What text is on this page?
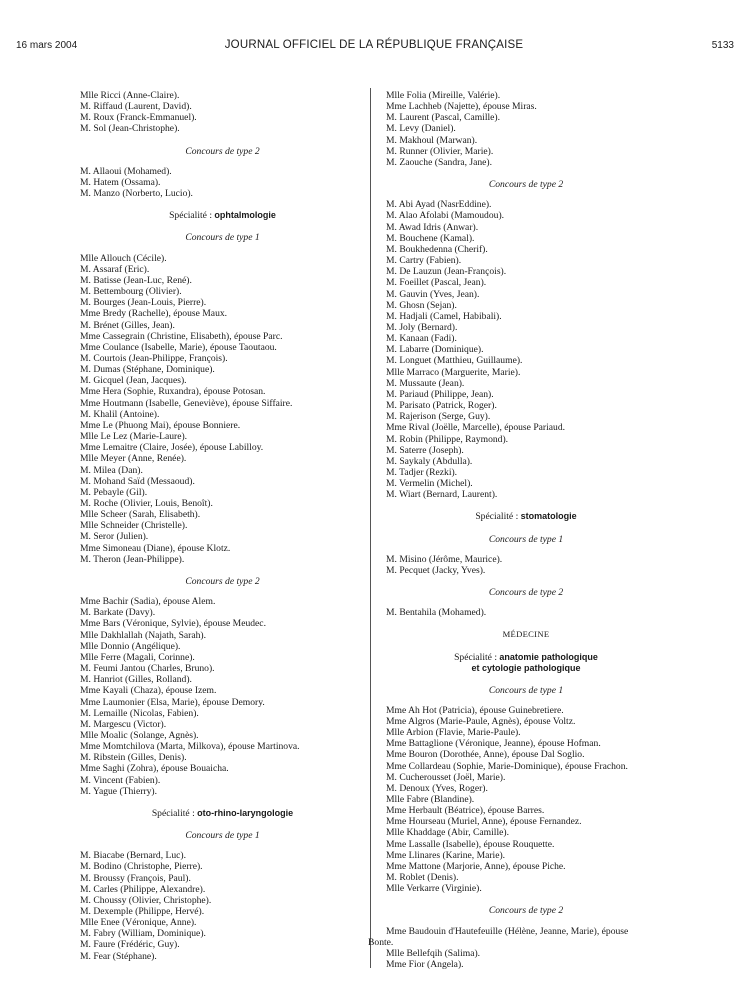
16 mars 2004	JOURNAL OFFICIEL DE LA RÉPUBLIQUE FRANÇAISE	5133
Mlle Ricci (Anne-Claire).
M. Riffaud (Laurent, David).
M. Roux (Franck-Emmanuel).
M. Sol (Jean-Christophe).
Concours de type 2
M. Allaoui (Mohamed).
M. Hatem (Ossama).
M. Manzo (Norberto, Lucio).
Spécialité : ophtalmologie
Concours de type 1
Mlle Allouch (Cécile).
M. Assaraf (Eric).
M. Batisse (Jean-Luc, René).
M. Bettembourg (Olivier).
M. Bourges (Jean-Louis, Pierre).
Mme Bredy (Rachelle), épouse Maux.
M. Brénet (Gilles, Jean).
Mme Cassegrain (Christine, Elisabeth), épouse Parc.
Mme Coulance (Isabelle, Marie), épouse Taoutaou.
M. Courtois (Jean-Philippe, François).
M. Dumas (Stéphane, Dominique).
M. Gicquel (Jean, Jacques).
Mme Hera (Sophie, Ruxandra), épouse Potosan.
Mme Houtmann (Isabelle, Geneviève), épouse Siffaire.
M. Khalil (Antoine).
Mme Le (Phuong Mai), épouse Bonniere.
Mlle Le Lez (Marie-Laure).
Mme Lemaitre (Claire, Josée), épouse Labilloy.
Mlle Meyer (Anne, Renée).
M. Milea (Dan).
M. Mohand Saïd (Messaoud).
M. Pebayle (Gil).
M. Roche (Olivier, Louis, Benoît).
Mlle Scheer (Sarah, Elisabeth).
Mlle Schneider (Christelle).
M. Seror (Julien).
Mme Simoneau (Diane), épouse Klotz.
M. Theron (Jean-Philippe).
Concours de type 2
Mme Bachir (Sadia), épouse Alem.
M. Barkate (Davy).
Mme Bars (Véronique, Sylvie), épouse Meudec.
Mlle Dakhlallah (Najath, Sarah).
Mlle Donnio (Angélique).
Mlle Ferre (Magali, Corinne).
M. Feumi Jantou (Charles, Bruno).
M. Hanriot (Gilles, Rolland).
Mme Kayali (Chaza), épouse Izem.
Mme Laumonier (Elsa, Marie), épouse Demory.
M. Lemaille (Nicolas, Fabien).
M. Margescu (Victor).
Mlle Moalic (Solange, Agnès).
Mme Momtchilova (Marta, Milkova), épouse Martinova.
M. Ribstein (Gilles, Denis).
Mme Saghi (Zohra), épouse Bouaicha.
M. Vincent (Fabien).
M. Yague (Thierry).
Spécialité : oto-rhino-laryngologie
Concours de type 1
M. Biacabe (Bernard, Luc).
M. Bodino (Christophe, Pierre).
M. Broussy (François, Paul).
M. Carles (Philippe, Alexandre).
M. Choussy (Olivier, Christophe).
M. Dexemple (Philippe, Hervé).
Mlle Enee (Véronique, Anne).
M. Fabry (William, Dominique).
M. Faure (Frédéric, Guy).
M. Fear (Stéphane).
Mlle Folia (Mireille, Valérie).
Mme Lachheb (Najette), épouse Miras.
M. Laurent (Pascal, Camille).
M. Levy (Daniel).
M. Makhoul (Marwan).
M. Runner (Olivier, Marie).
M. Zaouche (Sandra, Jane).
Concours de type 2
M. Abi Ayad (NasrEddine).
M. Alao Afolabi (Mamoudou).
M. Awad Idris (Anwar).
M. Bouchene (Kamal).
M. Boukhedenna (Cherif).
M. Cartry (Fabien).
M. De Lauzun (Jean-François).
M. Foeillet (Pascal, Jean).
M. Gauvin (Yves, Jean).
M. Ghosn (Sejan).
M. Hadjali (Camel, Habibali).
M. Joly (Bernard).
M. Kanaan (Fadi).
M. Labarre (Dominique).
M. Longuet (Matthieu, Guillaume).
Mlle Marraco (Marguerite, Marie).
M. Mussaute (Jean).
M. Pariaud (Philippe, Jean).
M. Parisato (Patrick, Roger).
M. Rajerison (Serge, Guy).
Mme Rival (Joëlle, Marcelle), épouse Pariaud.
M. Robin (Philippe, Raymond).
M. Saterre (Joseph).
M. Saykaly (Abdulla).
M. Tadjer (Rezki).
M. Vermelin (Michel).
M. Wiart (Bernard, Laurent).
Spécialité : stomatologie
Concours de type 1
M. Misino (Jérôme, Maurice).
M. Pecquet (Jacky, Yves).
Concours de type 2
M. Bentahila (Mohamed).
MÉDECINE
Spécialité : anatomie pathologique
et cytologie pathologique
Concours de type 1
Mme Ah Hot (Patricia), épouse Guinebretiere.
Mme Algros (Marie-Paule, Agnès), épouse Voltz.
Mlle Arbion (Flavie, Marie-Paule).
Mme Battaglione (Véronique, Jeanne), épouse Hofman.
Mme Bouron (Dorothée, Anne), épouse Dal Soglio.
Mme Collardeau (Sophie, Marie-Dominique), épouse Frachon.
M. Cucherousset (Joël, Marie).
M. Denoux (Yves, Roger).
Mlle Fabre (Blandine).
Mme Herbault (Béatrice), épouse Barres.
Mme Hourseau (Muriel, Anne), épouse Fernandez.
Mlle Khaddage (Abir, Camille).
Mme Lassalle (Isabelle), épouse Rouquette.
Mme Llinares (Karine, Marie).
Mme Mattone (Marjorie, Anne), épouse Piche.
M. Roblet (Denis).
Mlle Verkarre (Virginie).
Concours de type 2
Mme Baudouin d'Hautefeuille (Hélène, Jeanne, Marie), épouse
Bonte.
Mlle Bellefqih (Salima).
Mme Fior (Angela).
